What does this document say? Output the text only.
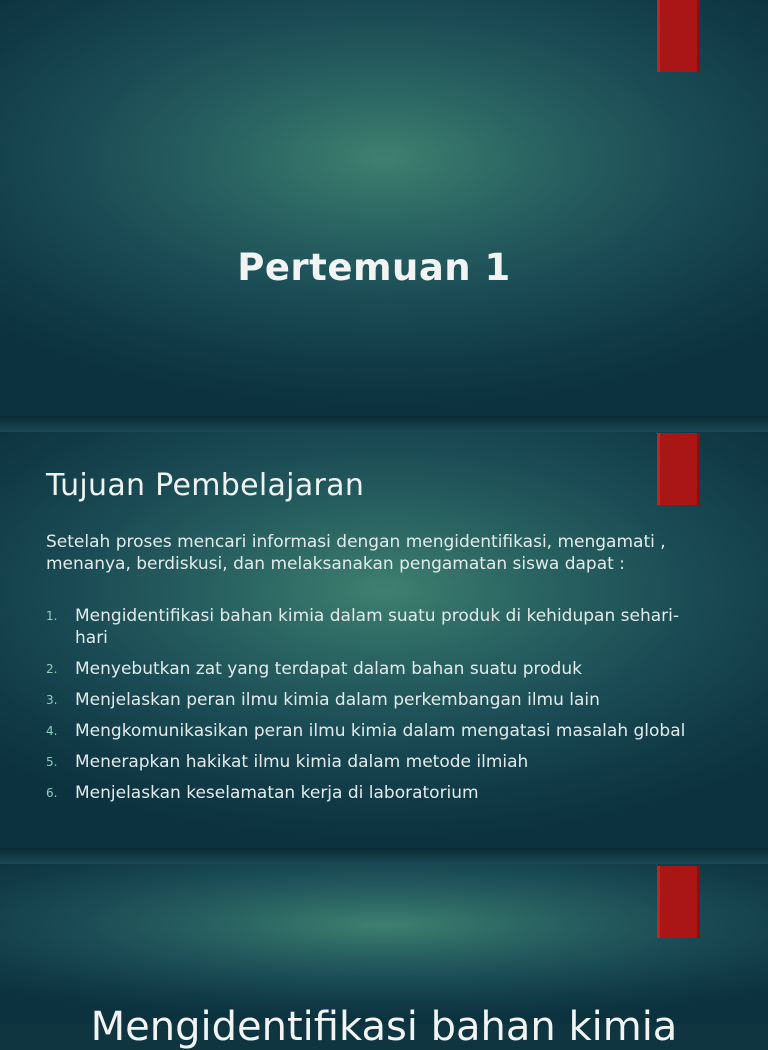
Pertemuan 1
Tujuan Pembelajaran
Setelah proses mencari informasi dengan mengidentifikasi, mengamati , menanya, berdiskusi, dan melaksanakan pengamatan siswa dapat :
1.	Mengidentifikasi bahan kimia dalam suatu produk di kehidupan sehari-hari
2.	Menyebutkan zat yang terdapat dalam bahan suatu produk
3.	Menjelaskan peran ilmu kimia dalam perkembangan ilmu lain
4.	Mengkomunikasikan peran ilmu kimia dalam mengatasi masalah global
5.	Menerapkan hakikat ilmu kimia dalam metode ilmiah
6.	Menjelaskan keselamatan kerja di laboratorium
Mengidentifikasi bahan kimia
